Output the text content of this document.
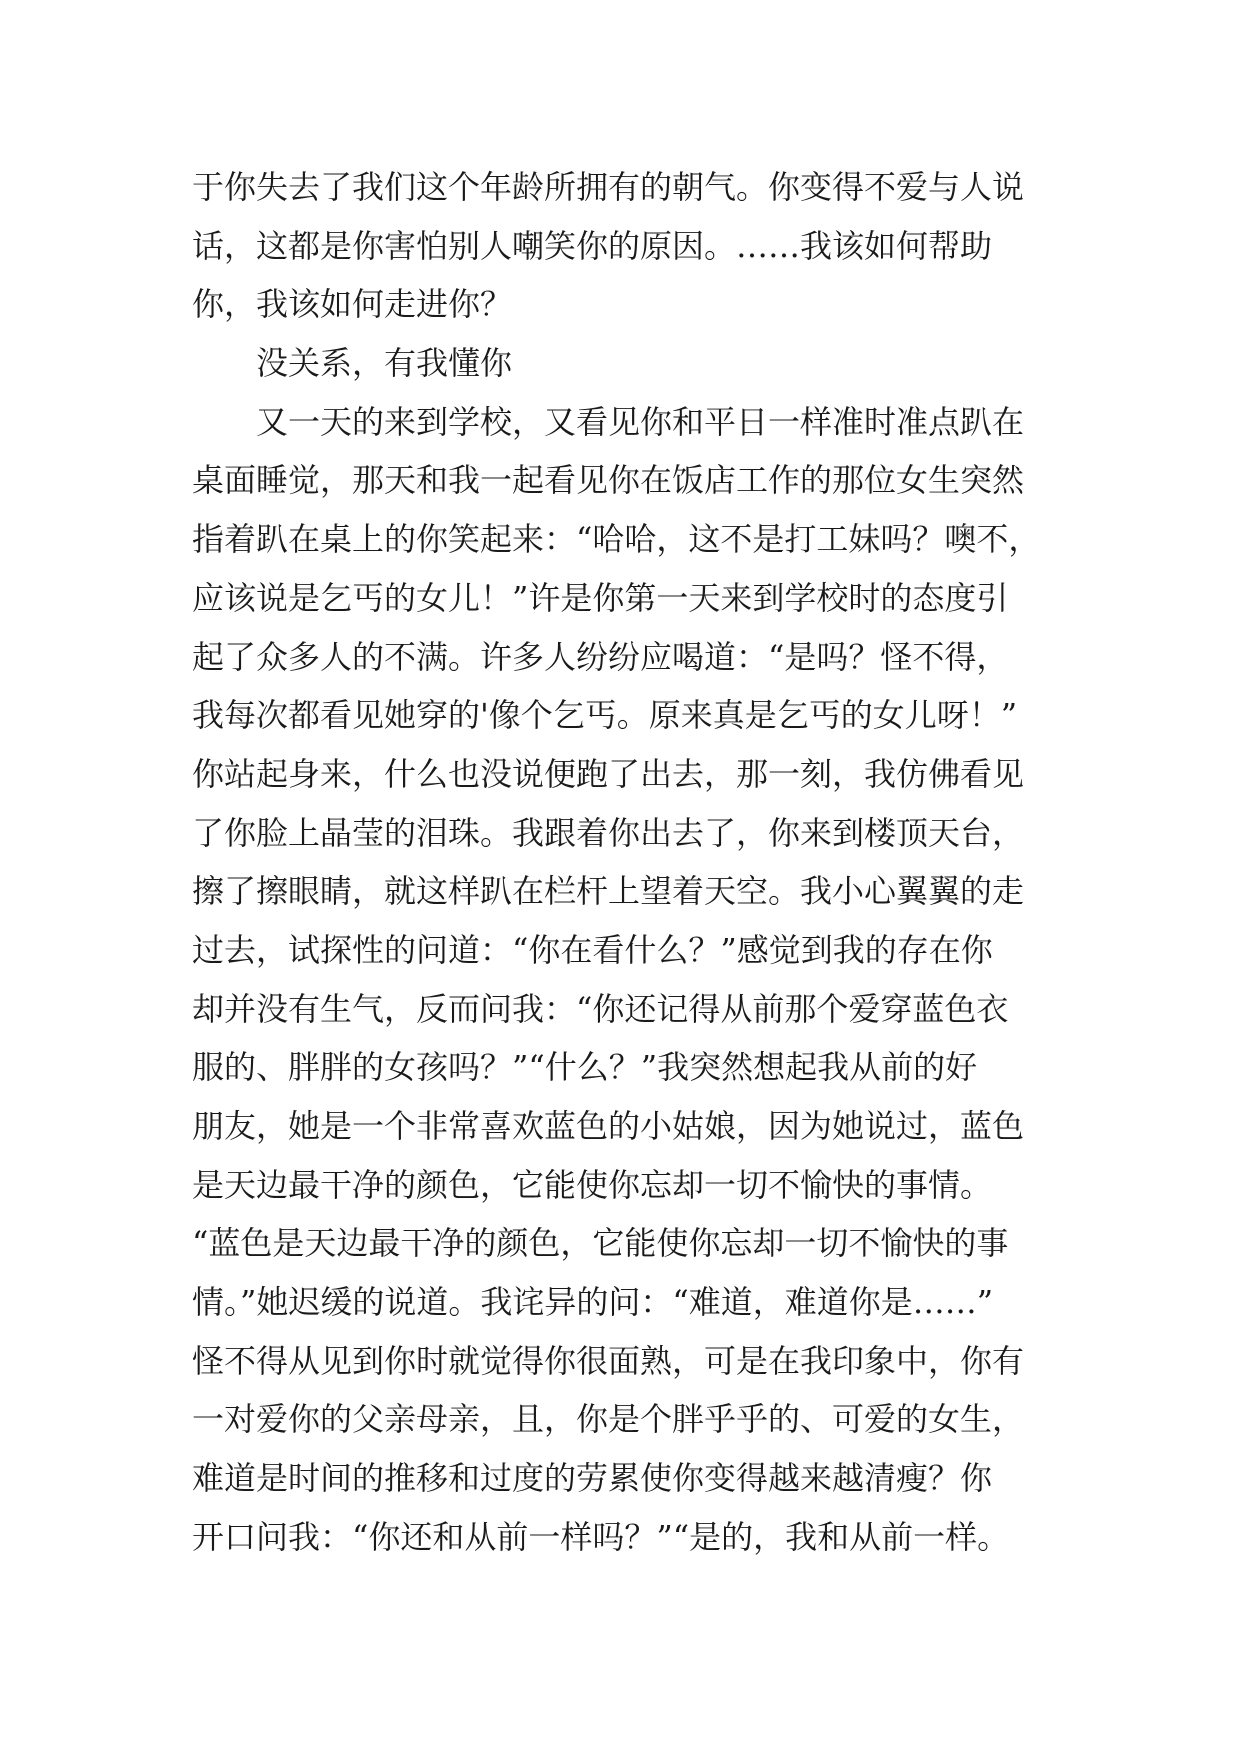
于你失去了我们这个年龄所拥有的朝气。你变得不爱与人说
话，这都是你害怕别人嘲笑你的原因。……我该如何帮助
你，我该如何走进你？
没关系，有我懂你
又一天的来到学校，又看见你和平日一样准时准点趴在
桌面睡觉，那天和我一起看见你在饭店工作的那位女生突然
指着趴在桌上的你笑起来：“哈哈，这不是打工妹吗？噢不，
应该说是乞丐的女儿！”许是你第一天来到学校时的态度引
起了众多人的不满。许多人纷纷应喝道：“是吗？怪不得，
我每次都看见她穿的'像个乞丐。原来真是乞丐的女儿呀！”
你站起身来，什么也没说便跑了出去，那一刻，我仿佛看见
了你脸上晶莹的泪珠。我跟着你出去了，你来到楼顶天台，
擦了擦眼睛，就这样趴在栏杆上望着天空。我小心翼翼的走
过去，试探性的问道：“你在看什么？”感觉到我的存在你
却并没有生气，反而问我：“你还记得从前那个爱穿蓝色衣
服的、胖胖的女孩吗？”“什么？”我突然想起我从前的好
朋友，她是一个非常喜欢蓝色的小姑娘，因为她说过，蓝色
是天边最干净的颜色，它能使你忘却一切不愉快的事情。
“蓝色是天边最干净的颜色，它能使你忘却一切不愉快的事
情。”她迟缓的说道。我诧异的问：“难道，难道你是……”
怪不得从见到你时就觉得你很面熟，可是在我印象中，你有
一对爱你的父亲母亲，且，你是个胖乎乎的、可爱的女生，
难道是时间的推移和过度的劳累使你变得越来越清瘦？你
开口问我：“你还和从前一样吗？”“是的，我和从前一样。
